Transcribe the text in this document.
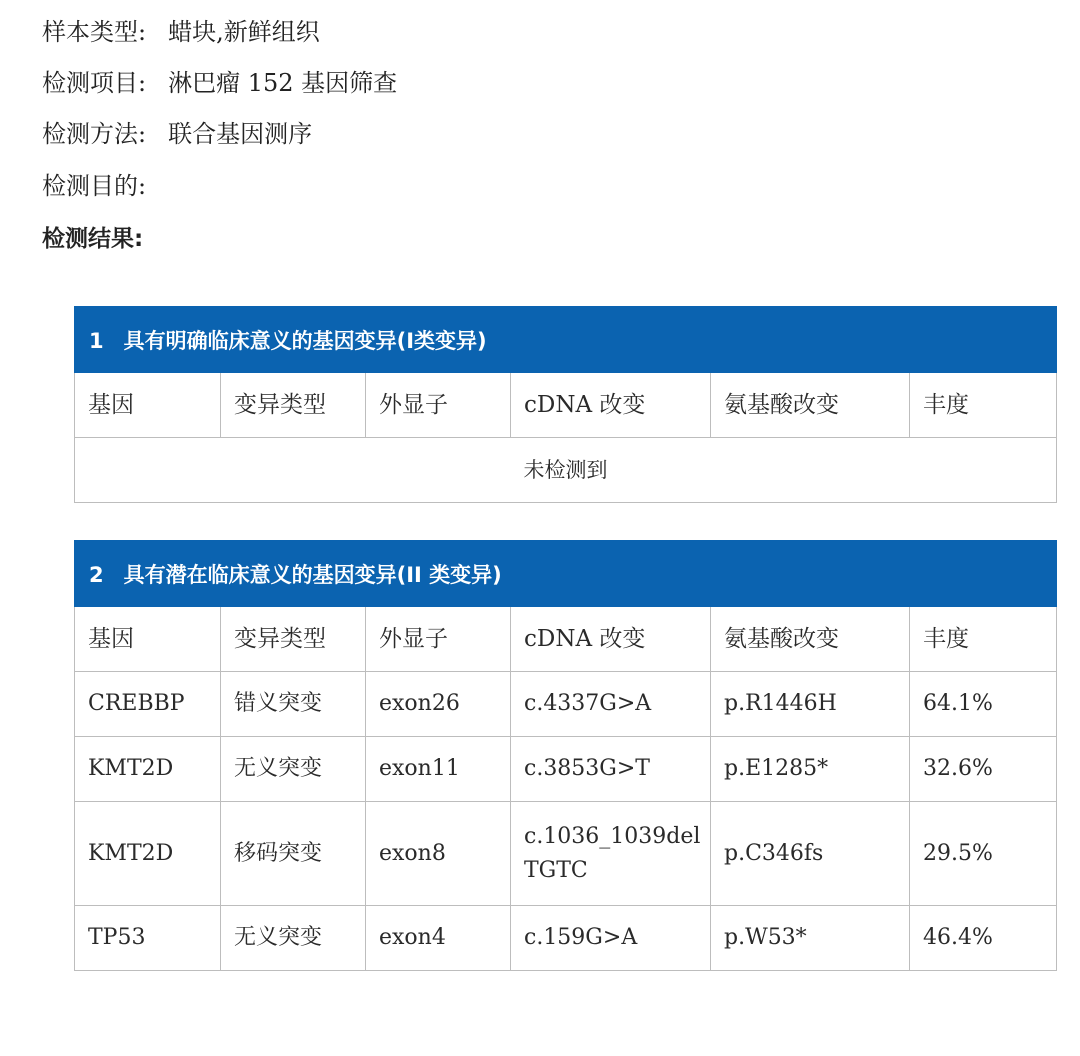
样本类型: 蜡块,新鲜组织
检测项目: 淋巴瘤 152 基因筛查
检测方法: 联合基因测序
检测目的:
检测结果:
1 具有明确临床意义的基因变异(I类变异)
基因	变异类型	外显子	cDNA 改变	氨基酸改变	丰度
未检测到
2 具有潜在临床意义的基因变异(II 类变异)					
基因	变异类型	外显子	cDNA 改变	氨基酸改变	丰度
CREBBP	错义突变	exon26	c.4337G>A	p.R1446H	64.1%
KMT2D	无义突变	exon11	c.3853G>T	p.E1285*	32.6%
KMT2D	移码突变	exon8	c.1036_1039del TGTC	p.C346fs	29.5%
TP53	无义突变	exon4	c.159G>A	p.W53*	46.4%
